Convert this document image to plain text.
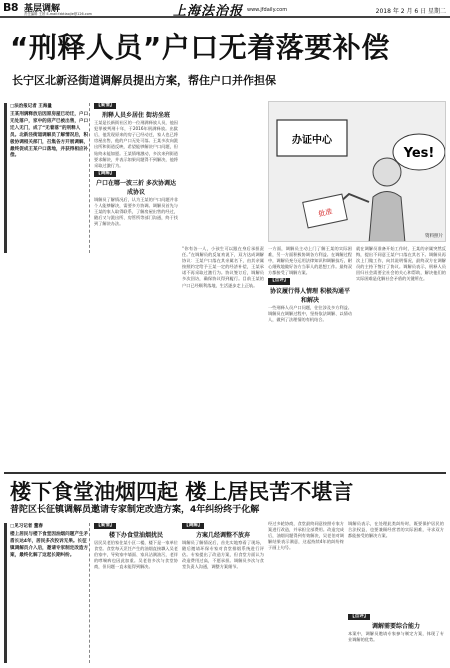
B8 基层调解
责任编辑 王婷 E-mail:fzbtiaojie@126.com	上海法治报 www.jfdaily.com	2018 年 2 月 6 日 星期二
“刑释人员”户口无着落要补偿
长宁区北新泾街道调解员提出方案，帮住户口并作担保
□法治报记者 王海量
王某刑满释放后因原房屋已动迁，户口无处落户，家中的房产已被出售，户口迁入无门，成了“无着落”的刑释人员。北新泾街道调解员了解情况后，积极协调相关部门，召集各方开展调解，最终促成王某户口落地，并获得相应补偿。
【案情】
刑释人员乡居住 街坊坐班
王某是长新街社区的一位刑满释放人员，他因犯罪被判刑十年，于2016年刑满释放。出狱后，他发现原来的房子已经动迁，家人也已将房屋出售，他的户口无处可落。王某多次向派出所和街道反映，希望能够解决户口问题，但始终未能如愿。王某情绪激动，多次来到街道要求解决，并表示如果问题得不到解决，他将采取过激行为。
【调解】
户口在哪一波三折 多次协调达成协议
调解员了解情况后，认为王某的户口问题并非个人能够解决，需要多方协调。调解员首先与王某的家人取得联系，了解房屋出售的经过，随后又与派出所、房管所等部门沟通，终于找到了解决办法。
“你有各一人，小孩生可以跟在身后承担责任。”在调解员的反复劝说下，双方达成调解协议：王某户口落在其亲属名下，由其亲属按照约定给予王某一定的经济补偿，王某承诺不再采取过激行为。协议签订后，调解员多次回访，确保协议得到履行。目前王某的户口已经顺利落地，生活逐步走上正轨。
一方面，调解员主动上门了解王某的实际困难，另一方面积极协调各方利益。在调解过程中，调解员充分运用法律知识和调解技巧，耐心细致地做好各方当事人的思想工作。最终双方都接受了调解方案。
【点评】
协议履行得人情理 积极沟通平和解决
一些刑释人员户口问题，往往涉及多方利益。调解员在调解过程中，坚持依法调解、以情动人，做到了法理情的有机结合。
就在调解员准备开始工作时，王某的亲属突然反悔，提出不同意王某户口落在其名下。调解员再次上门做工作，向其说明情况，最终双方在调解员的主持下签订了协议。调解员表示，刑释人员回归社会需要全社会的关心和帮助，解决他们的实际困难是化解社会矛盾的关键所在。
办证中心
Yes!
批准
资料照片
楼下食堂油烟四起 楼上居民苦不堪言
普陀区长征镇调解员邀请专家制定改造方案，4年纠纷终于化解
□见习记者 董春
楼上居民与楼下食堂因油烟问题产生矛盾长达4年，居民多次投诉无果。长征镇调解员介入后，邀请专家制定改造方案，最终化解了这起长期纠纷。
【案情】
楼下办食堂油烟扰民
居民吴老伯家住某小区二楼，楼下是一家单位食堂。食堂每天烹饪产生的油烟直接飘入吴老伯家中，导致家中墙面、家具沾满油污，老伴的哮喘病也因此加重。吴老伯多次与食堂协商，但问题一直未能得到解决。
【调解】
方案几经调整不放弃
调解员了解情况后，首先实地察看了现场，随后邀请环保专家对食堂排烟系统进行评估。专家提出了改造方案，但食堂方面认为改造费用过高，不愿承担。调解员多次与食堂负责人沟通，调整方案细节。
经过多轮协商，食堂最终同意按照专家方案进行改造，并承担全部费用。改造完成后，油烟问题得到有效解决，吴老伯对调解结果表示满意，这起持续4年的纠纷终于画上句号。
调解员表示，在处理此类纠纷时，既要保护居民的合法权益，也要兼顾经营者的实际困难，寻求双方都能接受的解决方案。
【点评】
调解需要综合能力
本案中，调解员邀请专家参与制定方案，体现了专业调解的优势。
